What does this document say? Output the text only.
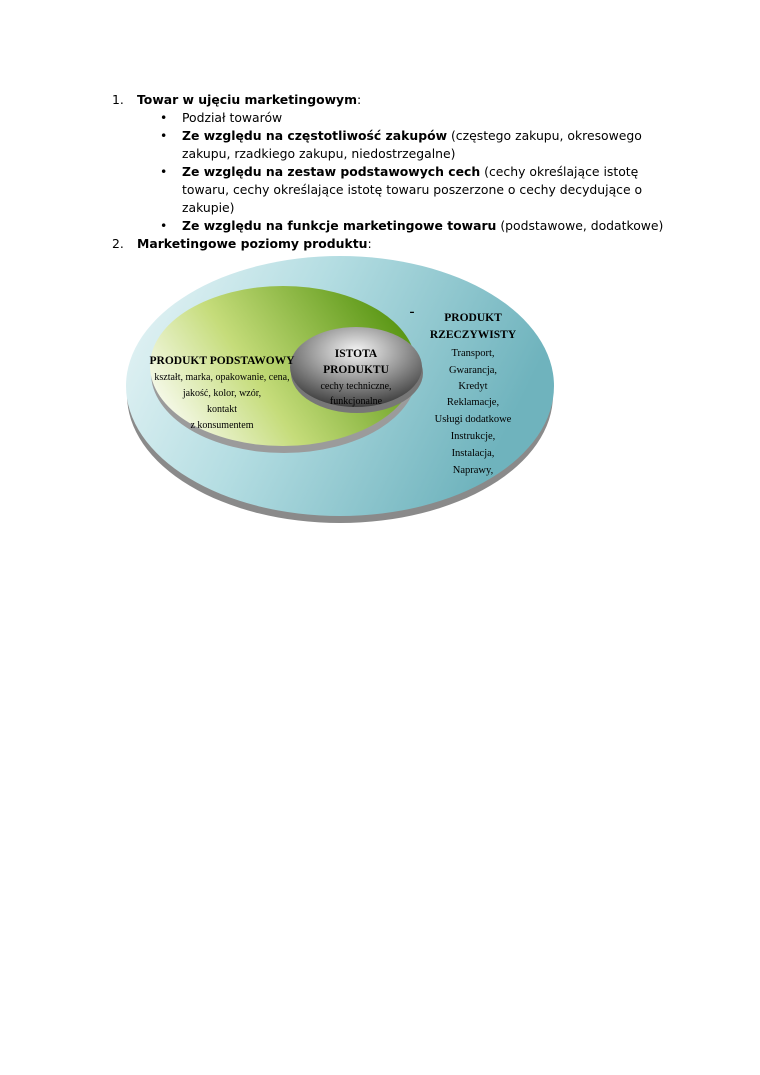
1. Towar w ujęciu marketingowym:
•	Podział towarów
•	Ze względu na częstotliwość zakupów (częstego zakupu, okresowego zakupu, rzadkiego zakupu, niedostrzegalne)
•	Ze względu na zestaw podstawowych cech (cechy określające istotę towaru, cechy określające istotę towaru poszerzone o cechy decydujące o zakupie)
•	Ze względu na funkcje marketingowe towaru (podstawowe, dodatkowe)
2. Marketingowe poziomy produktu:
-	PRODUKT
RZECZYWISTY
Transport,
Gwarancja,
Kredyt
Reklamacje,
Usługi dodatkowe
Instrukcje,
Instalacja,
Naprawy,
PRODUKT PODSTAWOWY
kształt, marka, opakowanie, cena,
jakość, kolor, wzór,
kontakt
z konsumentem
ISTOTA
PRODUKTU
cechy techniczne,
funkcjonalne
